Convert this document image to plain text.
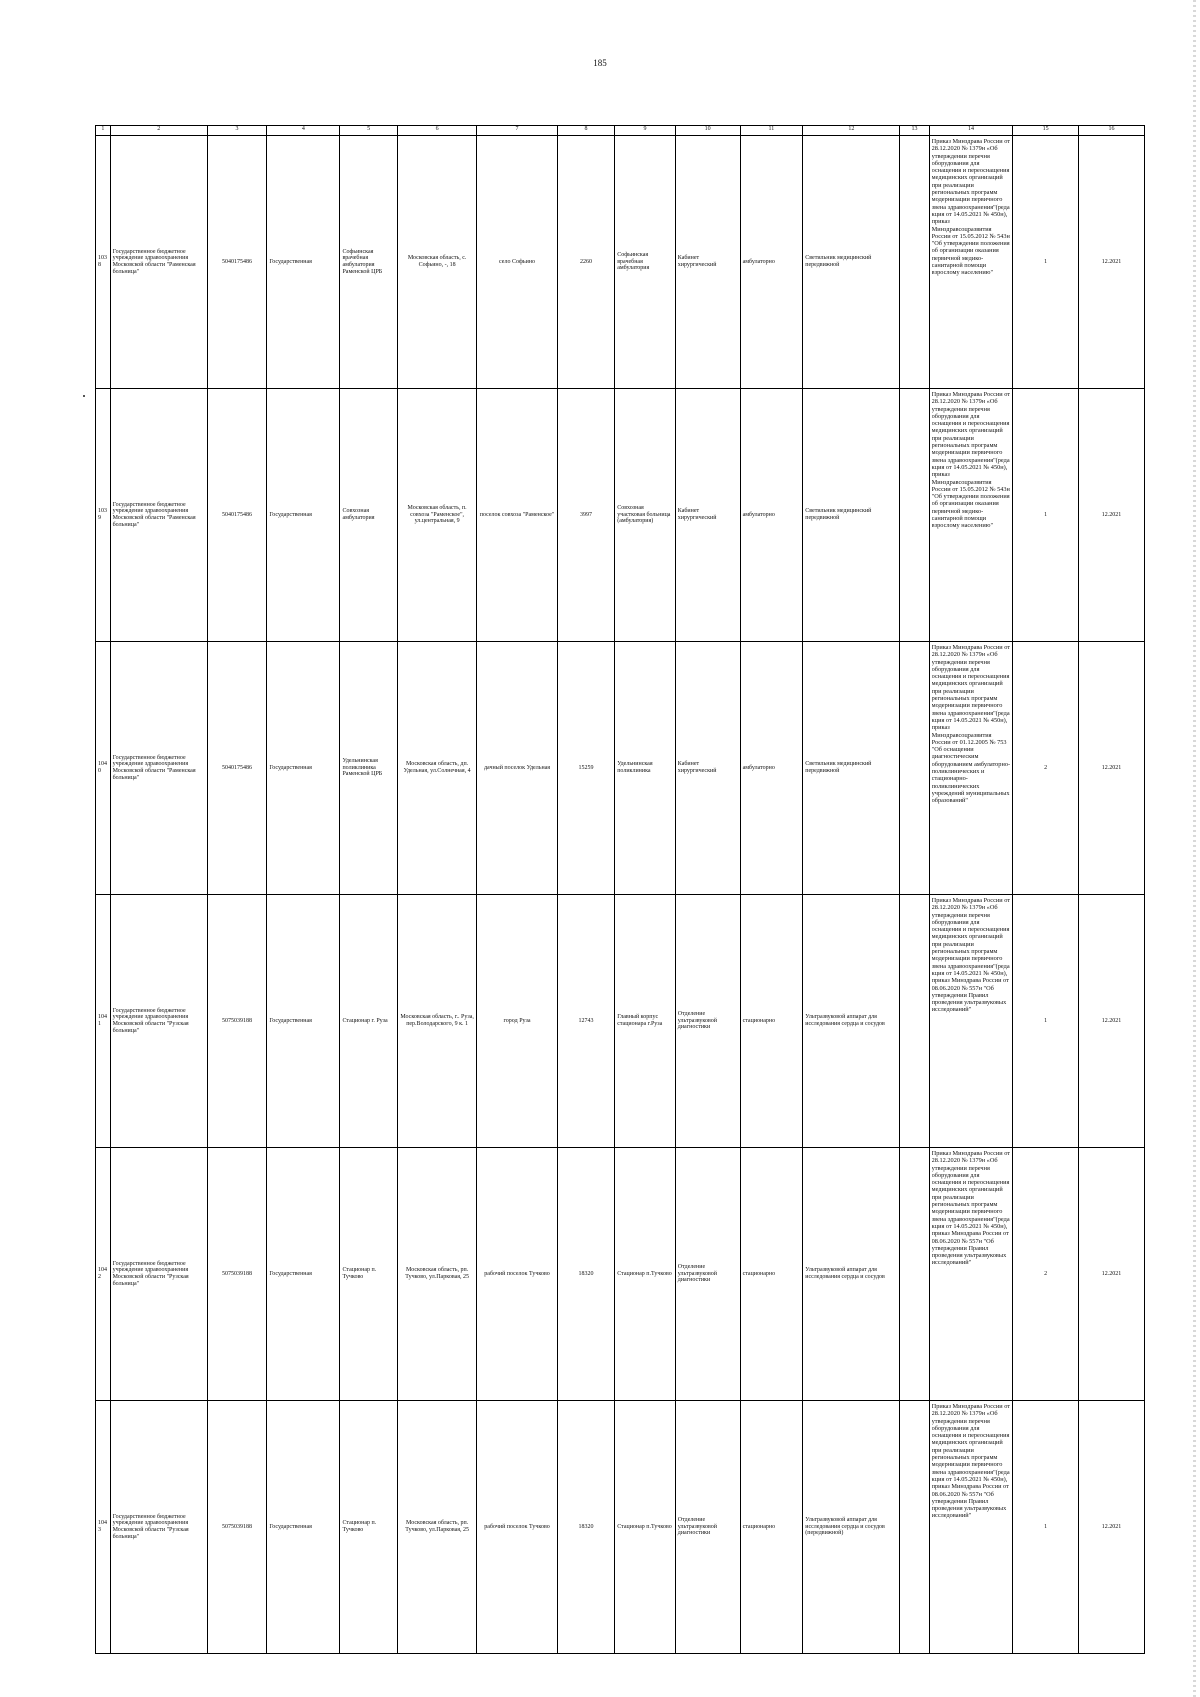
185
1	2	3	4	5	6	7	8	9	10	11	12	13	14	15	16
1038	Государственное бюджетное учреждение здравоохранения Московской области "Раменская больница"	5040175486	Государственная	Софьинская врачебная амбулатория Раменской ЦРБ	Московская область, с. Софьино, -, 18	село Софьино	2260	Софьинская врачебная амбулатория	Кабинет хирургический	амбулаторно	Светильник медицинский передвижной		Приказ Минздрава России от 28.12.2020 № 1379н «Об утверждении перечня оборудования для оснащения и переоснащения медицинских организаций при реализации региональных программ модернизации первичного звена здравоохранения"(реда кция от 14.05.2021 № 450н), приказ Минздравсоцразвития России от 15.05.2012 № 543н "Об утверждении положения об организации оказания первичной медико-санитарной помощи взрослому населению"	1	12.2021
1039	Государственное бюджетное учреждение здравоохранения Московской области "Раменская больница"	5040175486	Государственная	Совхозная амбулатория	Московская область, п. совхоза "Раменское", ул.центральная, 9	поселок совхоза "Раменское"	3997	Совхозная участковая больница (амбулатория)	Кабинет хирургический	амбулаторно	Светильник медицинский передвижной		Приказ Минздрава России от 28.12.2020 № 1379н «Об утверждении перечня оборудования для оснащения и переоснащения медицинских организаций при реализации региональных программ модернизации первичного звена здравоохранения"(реда кция от 14.05.2021 № 450н), приказ Минздравсоцразвития России от 15.05.2012 № 543н "Об утверждении положения об организации оказания первичной медико-санитарной помощи взрослому населению"	1	12.2021
1040	Государственное бюджетное учреждение здравоохранения Московской области "Раменская больница"	5040175486	Государственная	Удельнинская поликлиника Раменской ЦРБ	Московская область, дп. Удельная, ул.Солнечная, 4	дачный поселок Удельная	15259	Удельнинская поликлиника	Кабинет хирургический	амбулаторно	Светильник медицинский передвижной		Приказ Минздрава России от 28.12.2020 № 1379н «Об утверждении перечня оборудования для оснащения и переоснащения медицинских организаций при реализации региональных программ модернизации первичного звена здравоохранения"(реда кция от 14.05.2021 № 450н), приказ Минздравсоцразвития России от 01.12.2005 № 753 "Об оснащении диагностическим оборудованием амбулаторно-поликлинических и стационарно-поликлинических учреждений муниципальных образований"	2	12.2021
1041	Государственное бюджетное учреждение здравоохранения Московской области "Рузская больница"	5075039188	Государственная	Стационар г. Руза	Московская область, г.. Руза, пер.Володарского, 9 к. 1	город Руза	12743	Главный корпус стационара г.Руза	Отделение ультразвуковой диагностики	стационарно	Ультразвуковой аппарат для исследования сердца и сосудов		Приказ Минздрава России от 28.12.2020 № 1379н «Об утверждении перечня оборудования для оснащения и переоснащения медицинских организаций при реализации региональных программ модернизации первичного звена здравоохранения"(реда кция от 14.05.2021 № 450н), приказ Минздрава России от 08.06.2020 № 557н "Об утверждении Правил проведения ультразвуковых исследований"	1	12.2021
1042	Государственное бюджетное учреждение здравоохранения Московской области "Рузская больница"	5075039188	Государственная	Стационар п. Тучково	Московская область, рп. Тучково, ул.Парковая, 25	рабочий поселок Тучково	18320	Стационар п.Тучково	Отделение ультразвуковой диагностики	стационарно	Ультразвуковой аппарат для исследования сердца и сосудов		Приказ Минздрава России от 28.12.2020 № 1379н «Об утверждении перечня оборудования для оснащения и переоснащения медицинских организаций при реализации региональных программ модернизации первичного звена здравоохранения"(реда кция от 14.05.2021 № 450н), приказ Минздрава России от 08.06.2020 № 557н "Об утверждении Правил проведения ультразвуковых исследований"	2	12.2021
1043	Государственное бюджетное учреждение здравоохранения Московской области "Рузская больница"	5075039188	Государственная	Стационар п. Тучково	Московская область, рп. Тучково, ул.Парковая, 25	рабочий поселок Тучково	18320	Стационар п.Тучково	Отделение ультразвуковой диагностики	стационарно	Ультразвуковой аппарат для исследования сердца и сосудов (передвижной)		Приказ Минздрава России от 28.12.2020 № 1379н «Об утверждении перечня оборудования для оснащения и переоснащения медицинских организаций при реализации региональных программ модернизации первичного звена здравоохранения"(реда кция от 14.05.2021 № 450н), приказ Минздрава России от 08.06.2020 № 557н "Об утверждении Правил проведения ультразвуковых исследований"	1	12.2021
